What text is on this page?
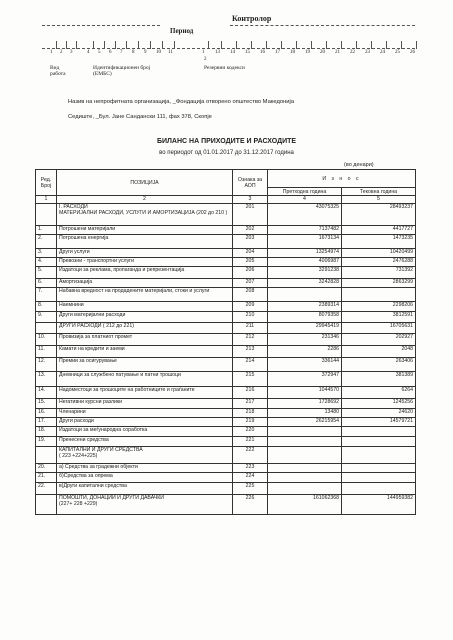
Контролор
Период
1 2 3	4 5 6 7 8 9 10 11	1 13 14 15 16 17 18 19 20 21 22 23 24 25 26
2
Вид
работа
Идентификационен број
(ЕМБС)
Резервни кодекси
Назив на непрофитната организација, _Фондација отворено општество Македонија
Седиште, _Бул. Јане Сандански 111, фах 378, Скопје
БИЛАНС НА ПРИХОДИТЕ И РАСХОДИТЕ
во периодот од 01.01.2017 до 31.12.2017 година
(во денари)
Ред. Број	ПОЗИЦИЈА	Ознака за АОП	И з н о с	
			Претходна година	Тековна година
1	2	3	4	5
	I. РАСХОДИ
МАТЕРИЈАЛНИ РАСХОДИ, УСЛУГИ И АМОРТИЗАЦИЈА (202 до 210 )	201	43075325	28493237
1.	Потрошени материјали	202	7137482	4417727
2.	Потрошена енергија	203	1673134	1473235
3.	Други услуги	204	13254974	10420499
4.	Превозни - транспортни услуги	205	4006987	2476288
5.	Издатоци за реклама, пропаганда и репрезентација	206	3291238	731392
6.	Амортизација	207	3242828	2863299
7.	Набавна вредност на продадените материјали, стоки и услуги	208		
8.	Наемнини	209	2389314	2298206
9.	Други материјални расходи	210	8079358	3812591
	ДРУГИ РАСХОДИ ( 212 до 221)	211	29945419	16705631
10.	Провизија за платниот промет	212	231346	202927
11.	Камати на кредити и заеми	213	2286	2048
12.	Премии за осигурување	214	336144	263406
13.	Дневници за службено патување и патни трошоци	215	372947	381389
14.	Надоместоци за трошоците на работниците и граѓаните	216	1044570	6264
15.	Негативни курсни разлики	217	1728692	1245256
16.	Членарини	218	13480	24620
17.	Други расходи	219	26215954	14579721
18.	Издатоци за меѓународна соработка	220		
19.	Пренесени средства	221		
	КАПИТАЛНИ И ДРУГИ СРЕДСТВА
( 223 +224+225)	222		
20.	а) Средства за градежни објекти	223		
21.	б)Средства за опрема	224		
22.	в)Други капитални средства	225		
	ПОМОШТИ, ДОНАЦИИ И ДРУГИ ДАВАЧКИ
(227+ 228 +229)	226	161062368	144959382
